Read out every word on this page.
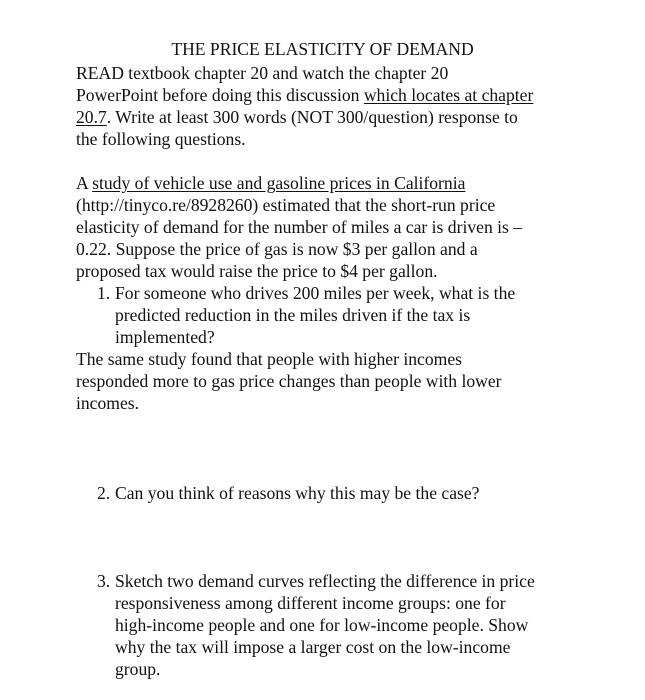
THE PRICE ELASTICITY OF DEMAND
READ textbook chapter 20 and watch the chapter 20
PowerPoint before doing this discussion which locates at chapter
20.7. Write at least 300 words (NOT 300/question) response to
the following questions.
A study of vehicle use and gasoline prices in California
(http://tinyco.re/8928260) estimated that the short-run price
elasticity of demand for the number of miles a car is driven is –
0.22. Suppose the price of gas is now $3 per gallon and a
proposed tax would raise the price to $4 per gallon.
1. For someone who drives 200 miles per week, what is the
predicted reduction in the miles driven if the tax is
implemented?
The same study found that people with higher incomes
responded more to gas price changes than people with lower
incomes.
2. Can you think of reasons why this may be the case?
3. Sketch two demand curves reflecting the difference in price
responsiveness among different income groups: one for
high-income people and one for low-income people. Show
why the tax will impose a larger cost on the low-income
group.
